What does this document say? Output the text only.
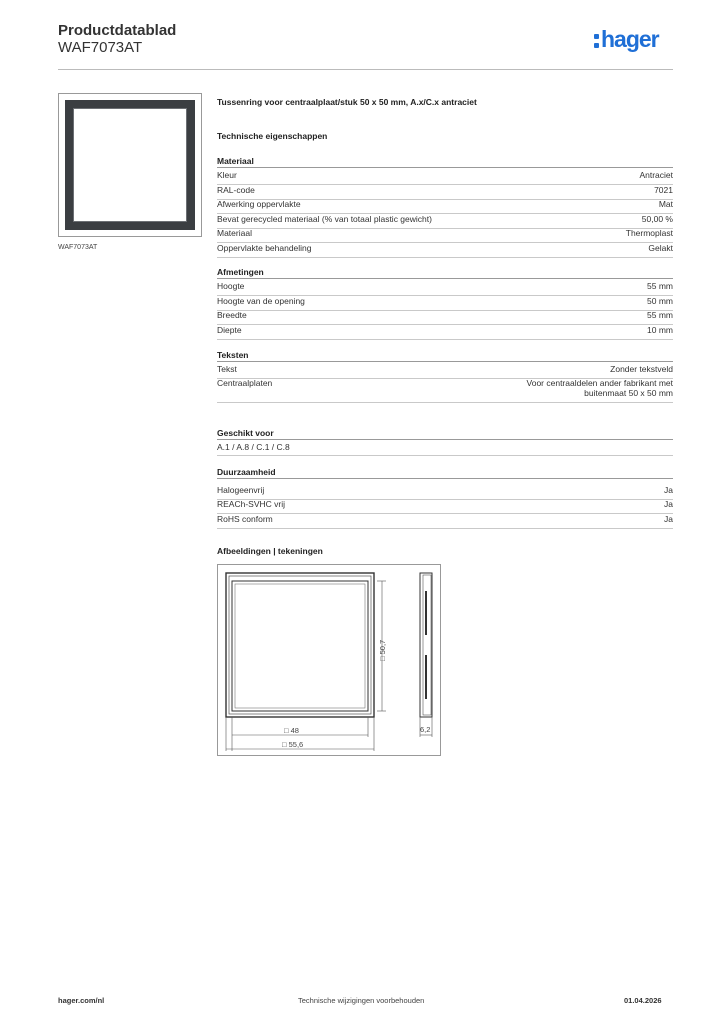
Productdatablad
WAF7073AT	hager
WAF7073AT
Tussenring voor centraalplaat/stuk 50 x 50 mm, A.x/C.x antraciet
Technische eigenschappen
Materiaal
Kleur	Antraciet
RAL-code	7021
Afwerking oppervlakte	Mat
Bevat gerecycled materiaal (% van totaal plastic gewicht)	50,00 %
Materiaal	Thermoplast
Oppervlakte behandeling	Gelakt
Afmetingen
Hoogte	55 mm
Hoogte van de opening	50 mm
Breedte	55 mm
Diepte	10 mm
Teksten
Tekst	Zonder tekstveld
Centraalplaten	Voor centraaldelen ander fabrikant met
buitenmaat 50 x 50 mm
Geschikt voor
A.1 / A.8 / C.1 / C.8
Duurzaamheid
Halogeenvrij	Ja
REACh-SVHC vrij	Ja
RoHS conform	Ja
Afbeeldingen | tekeningen
□ 50,7
□ 48
□ 55,6
6,2
hager.com/nl	Technische wijzigingen voorbehouden	01.04.2026
